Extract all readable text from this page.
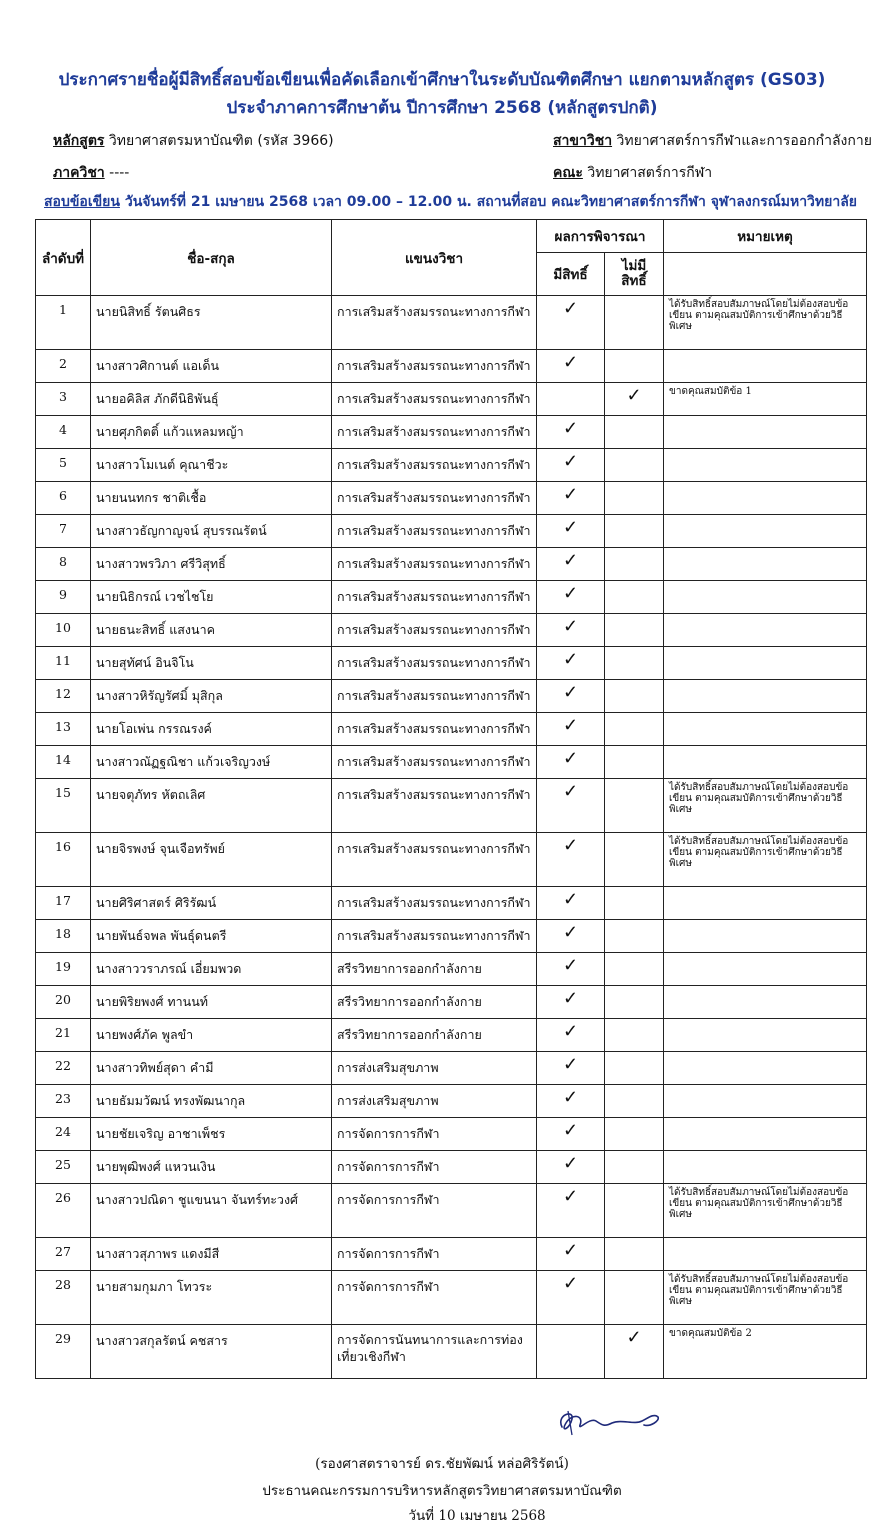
ประกาศรายชื่อผู้มีสิทธิ์สอบข้อเขียนเพื่อคัดเลือกเข้าศึกษาในระดับบัณฑิตศึกษา แยกตามหลักสูตร (GS03)
ประจำภาคการศึกษาต้น ปีการศึกษา 2568 (หลักสูตรปกติ)
หลักสูตร วิทยาศาสตรมหาบัณฑิต (รหัส 3966)	สาขาวิชา วิทยาศาสตร์การกีฬาและการออกกำลังกาย
ภาควิชา ----	คณะ วิทยาศาสตร์การกีฬา
สอบข้อเขียน วันจันทร์ที่ 21 เมษายน 2568 เวลา 09.00 – 12.00 น. สถานที่สอบ คณะวิทยาศาสตร์การกีฬา จุฬาลงกรณ์มหาวิทยาลัย
ลำดับที่	ชื่อ-สกุล	แขนงวิชา	ผลการพิจารณา		หมายเหตุ
			มีสิทธิ์	ไม่มีสิทธิ์	
1	นายนิสิทธิ์ รัตนศิธร	การเสริมสร้างสมรรถนะทางการกีฬา	✓		ได้รับสิทธิ์สอบสัมภาษณ์โดยไม่ต้องสอบข้อเขียน ตามคุณสมบัติการเข้าศึกษาด้วยวิธีพิเศษ
2	นางสาวศิกานต์ แอเด็น	การเสริมสร้างสมรรถนะทางการกีฬา	✓		
3	นายอคิลิส ภักดีนิธิพันธุ์	การเสริมสร้างสมรรถนะทางการกีฬา		✓	ขาดคุณสมบัติข้อ 1
4	นายศุภกิตติ์ แก้วแหลมหญ้า	การเสริมสร้างสมรรถนะทางการกีฬา	✓		
5	นางสาวโมเนต์ คุณาชีวะ	การเสริมสร้างสมรรถนะทางการกีฬา	✓		
6	นายนนทกร ชาติเชื้อ	การเสริมสร้างสมรรถนะทางการกีฬา	✓		
7	นางสาวธัญกาญจน์ สุบรรณรัตน์	การเสริมสร้างสมรรถนะทางการกีฬา	✓		
8	นางสาวพรวิภา ศรีวิสุทธิ์	การเสริมสร้างสมรรถนะทางการกีฬา	✓		
9	นายนิธิกรณ์ เวชไชโย	การเสริมสร้างสมรรถนะทางการกีฬา	✓		
10	นายธนะสิทธิ์ แสงนาค	การเสริมสร้างสมรรถนะทางการกีฬา	✓		
11	นายสุทัศน์ อินจิโน	การเสริมสร้างสมรรถนะทางการกีฬา	✓		
12	นางสาวหิรัญรัศมิ์ มุสิกุล	การเสริมสร้างสมรรถนะทางการกีฬา	✓		
13	นายโอเพ่น กรรณรงค์	การเสริมสร้างสมรรถนะทางการกีฬา	✓		
14	นางสาวณัฏฐณิชา แก้วเจริญวงษ์	การเสริมสร้างสมรรถนะทางการกีฬา	✓		
15	นายจตุภัทร หัตถเลิศ	การเสริมสร้างสมรรถนะทางการกีฬา	✓		ได้รับสิทธิ์สอบสัมภาษณ์โดยไม่ต้องสอบข้อเขียน ตามคุณสมบัติการเข้าศึกษาด้วยวิธีพิเศษ
16	นายจิรพงษ์ จุนเจือทรัพย์	การเสริมสร้างสมรรถนะทางการกีฬา	✓		ได้รับสิทธิ์สอบสัมภาษณ์โดยไม่ต้องสอบข้อเขียน ตามคุณสมบัติการเข้าศึกษาด้วยวิธีพิเศษ
17	นายศิริศาสตร์ ศิริรัฒน์	การเสริมสร้างสมรรถนะทางการกีฬา	✓		
18	นายพันธ์จพล พันธุ์ดนตรี	การเสริมสร้างสมรรถนะทางการกีฬา	✓		
19	นางสาววราภรณ์ เอี่ยมพวด	สรีรวิทยาการออกกำลังกาย	✓		
20	นายพิริยพงศ์ ทานนท์	สรีรวิทยาการออกกำลังกาย	✓		
21	นายพงศ์ภัค พูลขำ	สรีรวิทยาการออกกำลังกาย	✓		
22	นางสาวทิพย์สุดา คำมี	การส่งเสริมสุขภาพ	✓		
23	นายธัมมวัฒน์ ทรงพัฒนากุล	การส่งเสริมสุขภาพ	✓		
24	นายชัยเจริญ อาชาเพ็ชร	การจัดการการกีฬา	✓		
25	นายพุฒิพงศ์ แหวนเงิน	การจัดการการกีฬา	✓		
26	นางสาวปณิดา ชูแขนนา จันทร์ทะวงศ์	การจัดการการกีฬา	✓		ได้รับสิทธิ์สอบสัมภาษณ์โดยไม่ต้องสอบข้อเขียน ตามคุณสมบัติการเข้าศึกษาด้วยวิธีพิเศษ
27	นางสาวสุภาพร แดงมีสี	การจัดการการกีฬา	✓		
28	นายสามกุมภา โทวระ	การจัดการการกีฬา	✓		ได้รับสิทธิ์สอบสัมภาษณ์โดยไม่ต้องสอบข้อเขียน ตามคุณสมบัติการเข้าศึกษาด้วยวิธีพิเศษ
29	นางสาวสกุลรัตน์ คชสาร	การจัดการนันทนาการและการท่องเที่ยวเชิงกีฬา		✓	ขาดคุณสมบัติข้อ 2
(รองศาสตราจารย์ ดร.ชัยพัฒน์ หล่อศิริรัตน์)
ประธานคณะกรรมการบริหารหลักสูตรวิทยาศาสตรมหาบัณฑิต
วันที่ 10 เมษายน 2568
